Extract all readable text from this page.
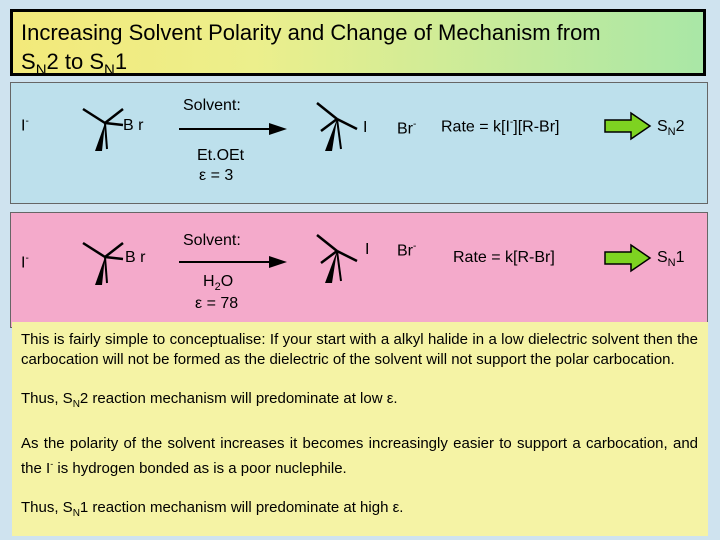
Increasing Solvent Polarity and Change of Mechanism from
$S_N2$ to $S_N1$
I-	B r
Solvent:
Et.OEt
ε = 3
I Br- Rate = k[I-][R-Br]	$S_N2$
I-	B r
Solvent:
$H_2O$
ε = 78
I Br-
Rate = k[R-Br]	$S_N1$

This is fairly simple to conceptualise: If your start with a alkyl halide in a low dielectric solvent then the carbocation will not be formed as the dielectric of the solvent will not support the polar carbocation.

Thus, $S_N2$ reaction mechanism will predominate at low ε.

As the polarity of the solvent increases it becomes increasingly easier to support a carbocation, and the I- is hydrogen bonded as is a poor nuclephile.

Thus, $S_N1$ reaction mechanism will predominate at high ε.
